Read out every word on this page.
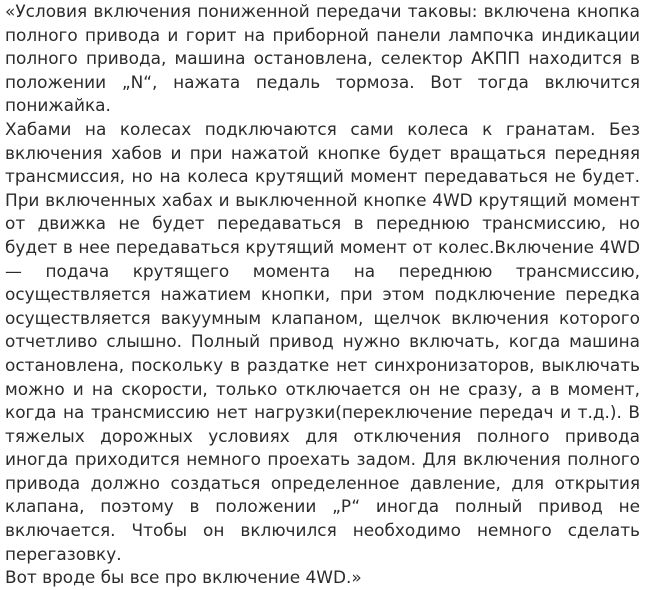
«Условия включения пониженной передачи таковы: включена кнопка полного привода и горит на приборной панели лампочка индикации полного привода, машина остановлена, селектор АКПП находится в положении „N“, нажата педаль тормоза. Вот тогда включится понижайка.

Хабами на колесах подключаются сами колеса к гранатам. Без включения хабов и при нажатой кнопке будет вращаться передняя трансмиссия, но на колеса крутящий момент передаваться не будет. При включенных хабах и выключенной кнопке 4WD крутящий момент от движка не будет передаваться в переднюю трансмиссию, но будет в нее передаваться крутящий момент от колес.Включение 4WD — подача крутящего момента на переднюю трансмиссию, осуществляется нажатием кнопки, при этом подключение передка осуществляется вакуумным клапаном, щелчок включения которого отчетливо слышно. Полный привод нужно включать, когда машина остановлена, поскольку в раздатке нет синхронизаторов, выключать можно и на скорости, только отключается он не сразу, а в момент, когда на трансмиссию нет нагрузки(переключение передач и т.д.). В тяжелых дорожных условиях для отключения полного привода иногда приходится немного проехать задом. Для включения полного привода должно создаться определенное давление, для открытия клапана, поэтому в положении „P“ иногда полный привод не включается. Чтобы он включился необходимо немного сделать перегазовку.

Вот вроде бы все про включение 4WD.»
